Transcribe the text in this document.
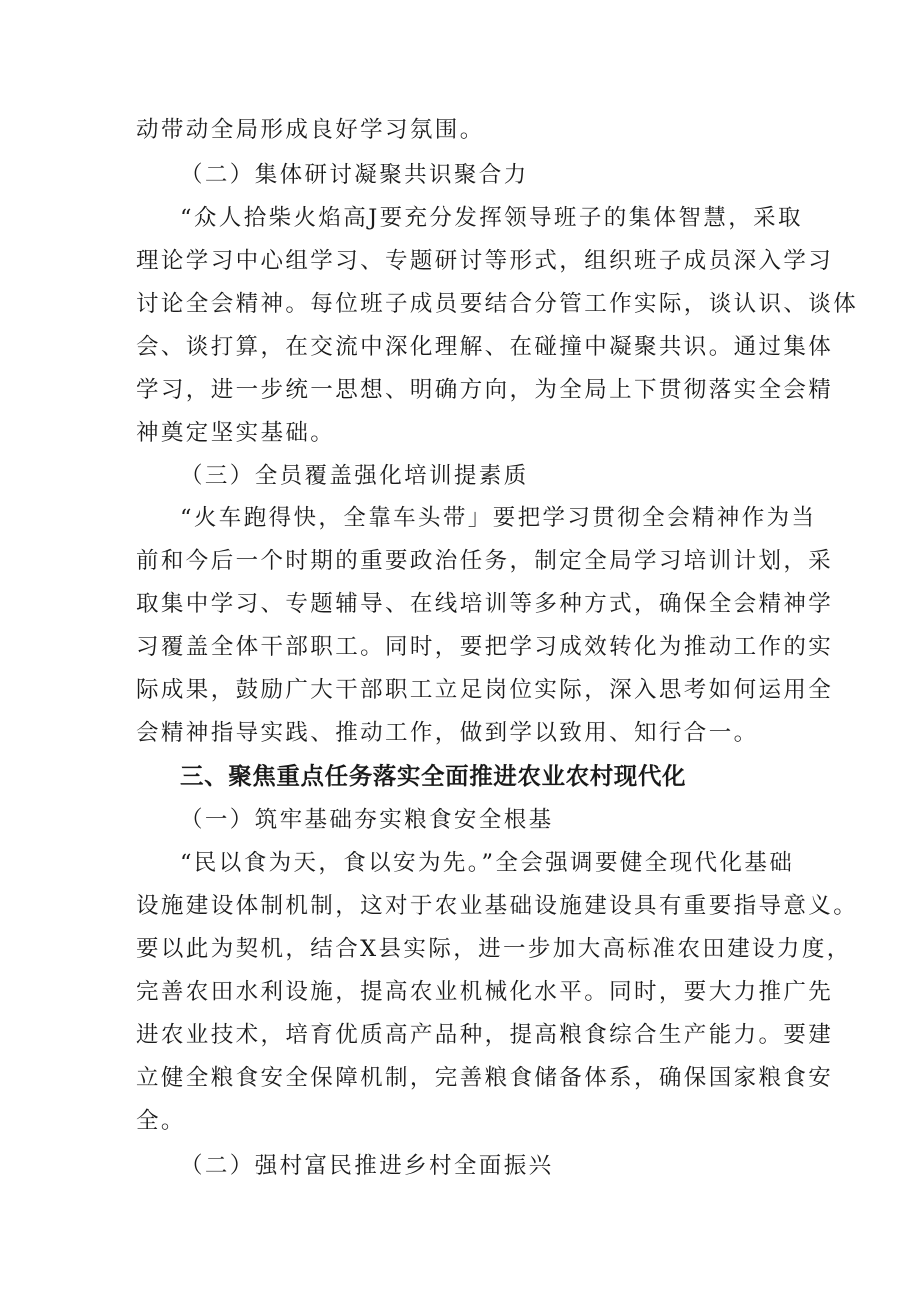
动带动全局形成良好学习氛围。
（二）集体研讨凝聚共识聚合力
“众人拾柴火焰高J要充分发挥领导班子的集体智慧，采取
理论学习中心组学习、专题研讨等形式，组织班子成员深入学习
讨论全会精神。每位班子成员要结合分管工作实际，谈认识、谈体
会、谈打算，在交流中深化理解、在碰撞中凝聚共识。通过集体
学习，进一步统一思想、明确方向，为全局上下贯彻落实全会精
神奠定坚实基础。
（三）全员覆盖强化培训提素质
“火车跑得快，全靠车头带」要把学习贯彻全会精神作为当
前和今后一个时期的重要政治任务，制定全局学习培训计划，采
取集中学习、专题辅导、在线培训等多种方式，确保全会精神学
习覆盖全体干部职工。同时，要把学习成效转化为推动工作的实
际成果，鼓励广大干部职工立足岗位实际，深入思考如何运用全
会精神指导实践、推动工作，做到学以致用、知行合一。
三、聚焦重点任务落实全面推进农业农村现代化
（一）筑牢基础夯实粮食安全根基
“民以食为天，食以安为先。”全会强调要健全现代化基础
设施建设体制机制，这对于农业基础设施建设具有重要指导意义。
要以此为契机，结合X县实际，进一步加大高标准农田建设力度，
完善农田水利设施，提高农业机械化水平。同时，要大力推广先
进农业技术，培育优质高产品种，提高粮食综合生产能力。要建
立健全粮食安全保障机制，完善粮食储备体系，确保国家粮食安
全。
（二）强村富民推进乡村全面振兴
